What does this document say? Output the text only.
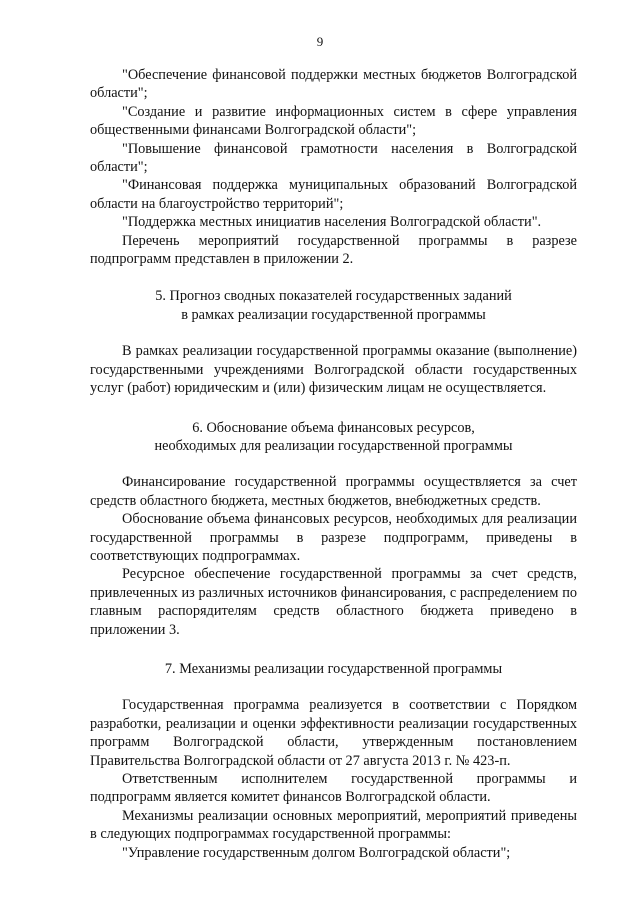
9

"Обеспечение финансовой поддержки местных бюджетов Волгоградской области";

"Создание и развитие информационных систем в сфере управления общественными финансами Волгоградской области";

"Повышение финансовой грамотности населения в Волгоградской области";

"Финансовая поддержка муниципальных образований Волгоградской области на благоустройство территорий";

"Поддержка местных инициатив населения Волгоградской области".

Перечень мероприятий государственной программы в разрезе подпрограмм представлен в приложении 2.

5. Прогноз сводных показателей государственных заданий

в рамках реализации государственной программы

В рамках реализации государственной программы оказание (выполнение) государственными учреждениями Волгоградской области государственных услуг (работ) юридическим и (или) физическим лицам не осуществляется.

6. Обоснование объема финансовых ресурсов,

необходимых для реализации государственной программы

Финансирование государственной программы осуществляется за счет средств областного бюджета, местных бюджетов, внебюджетных средств.

Обоснование объема финансовых ресурсов, необходимых для реализации государственной программы в разрезе подпрограмм, приведены в соответствующих подпрограммах.

Ресурсное обеспечение государственной программы за счет средств, привлеченных из различных источников финансирования, с распределением по главным распорядителям средств областного бюджета приведено в приложении 3.

7. Механизмы реализации государственной программы

Государственная программа реализуется в соответствии с Порядком разработки, реализации и оценки эффективности реализации государственных программ Волгоградской области, утвержденным постановлением Правительства Волгоградской области от 27 августа 2013 г. № 423-п.

Ответственным исполнителем государственной программы и подпрограмм является комитет финансов Волгоградской области.

Механизмы реализации основных мероприятий, мероприятий приведены в следующих подпрограммах государственной программы:

"Управление государственным долгом Волгоградской области";
